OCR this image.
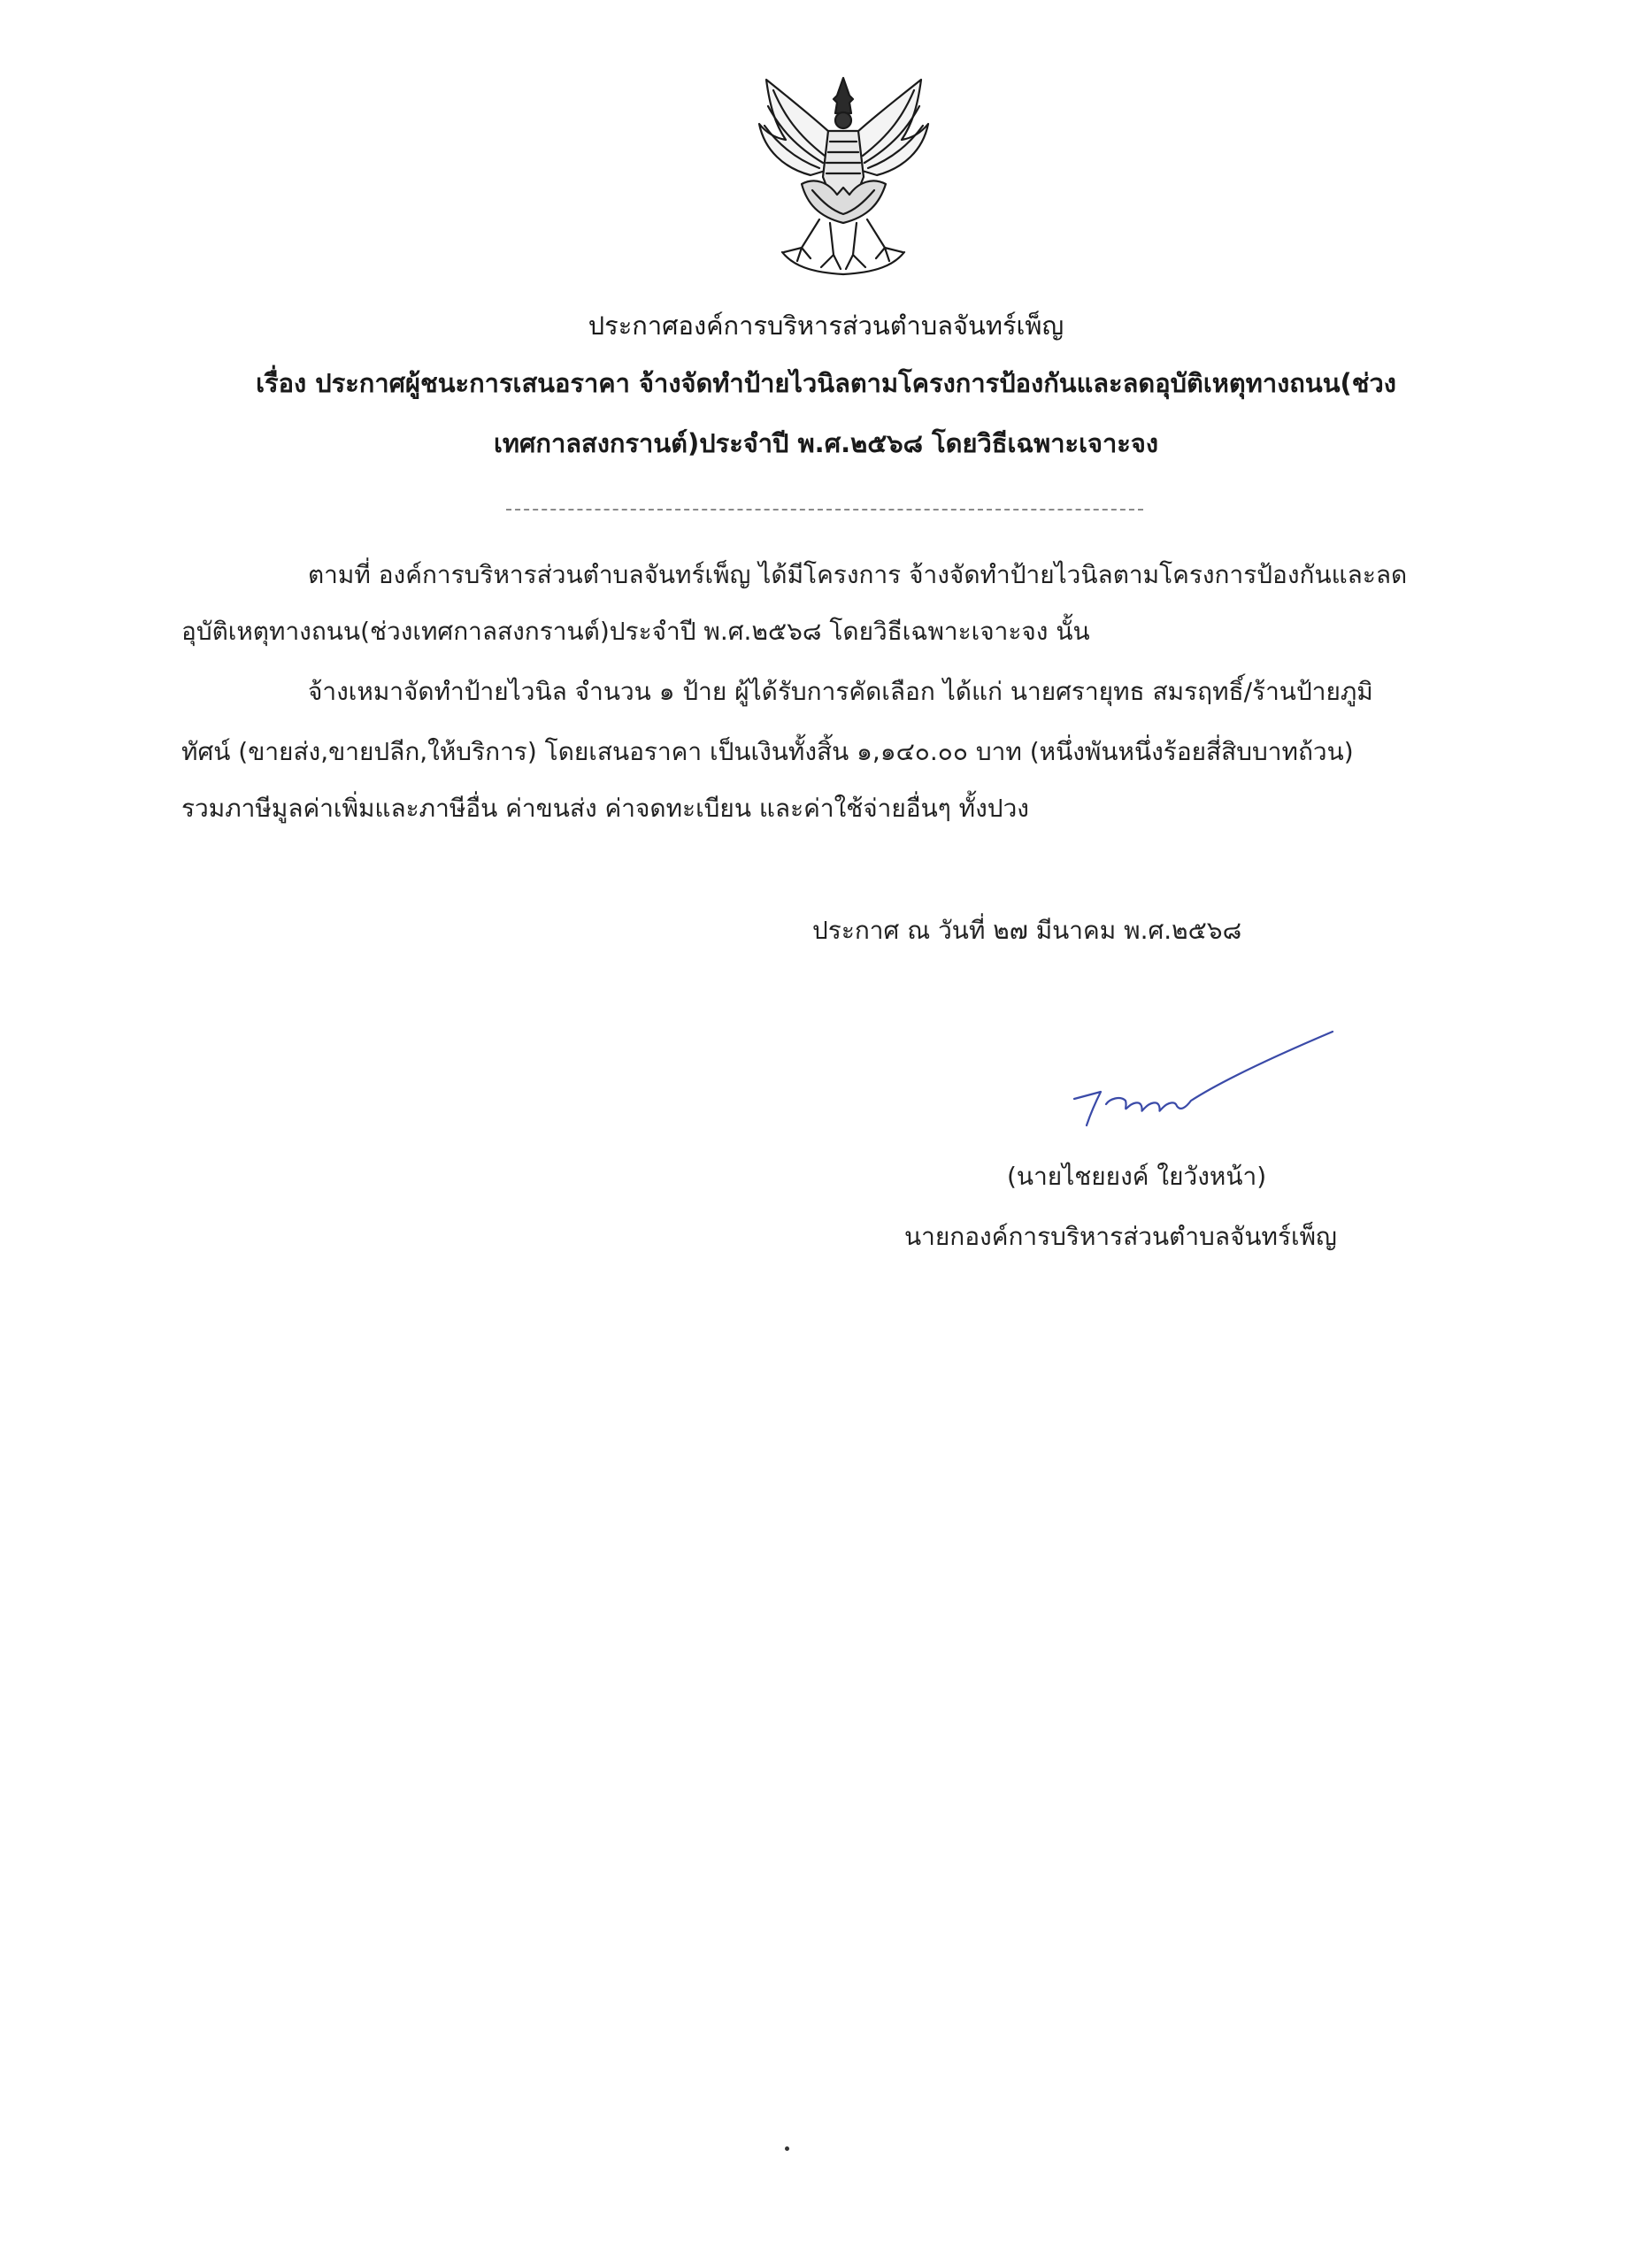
ประกาศองค์การบริหารส่วนตำบลจันทร์เพ็ญ
เรื่อง ประกาศผู้ชนะการเสนอราคา จ้างจัดทำป้ายไวนิลตามโครงการป้องกันและลดอุบัติเหตุทางถนน(ช่วง
เทศกาลสงกรานต์)ประจำปี พ.ศ.๒๕๖๘ โดยวิธีเฉพาะเจาะจง
ตามที่ องค์การบริหารส่วนตำบลจันทร์เพ็ญ ได้มีโครงการ จ้างจัดทำป้ายไวนิลตามโครงการป้องกันและลด
อุบัติเหตุทางถนน(ช่วงเทศกาลสงกรานต์)ประจำปี พ.ศ.๒๕๖๘ โดยวิธีเฉพาะเจาะจง นั้น
จ้างเหมาจัดทำป้ายไวนิล จำนวน ๑ ป้าย ผู้ได้รับการคัดเลือก ได้แก่ นายศรายุทธ สมรฤทธิ์/ร้านป้ายภูมิ
ทัศน์ (ขายส่ง,ขายปลีก,ให้บริการ) โดยเสนอราคา เป็นเงินทั้งสิ้น ๑,๑๔๐.๐๐ บาท (หนึ่งพันหนึ่งร้อยสี่สิบบาทถ้วน)
รวมภาษีมูลค่าเพิ่มและภาษีอื่น ค่าขนส่ง ค่าจดทะเบียน และค่าใช้จ่ายอื่นๆ ทั้งปวง
ประกาศ ณ วันที่ ๒๗ มีนาคม พ.ศ.๒๕๖๘
(นายไชยยงค์ ใยวังหน้า)
นายกองค์การบริหารส่วนตำบลจันทร์เพ็ญ
